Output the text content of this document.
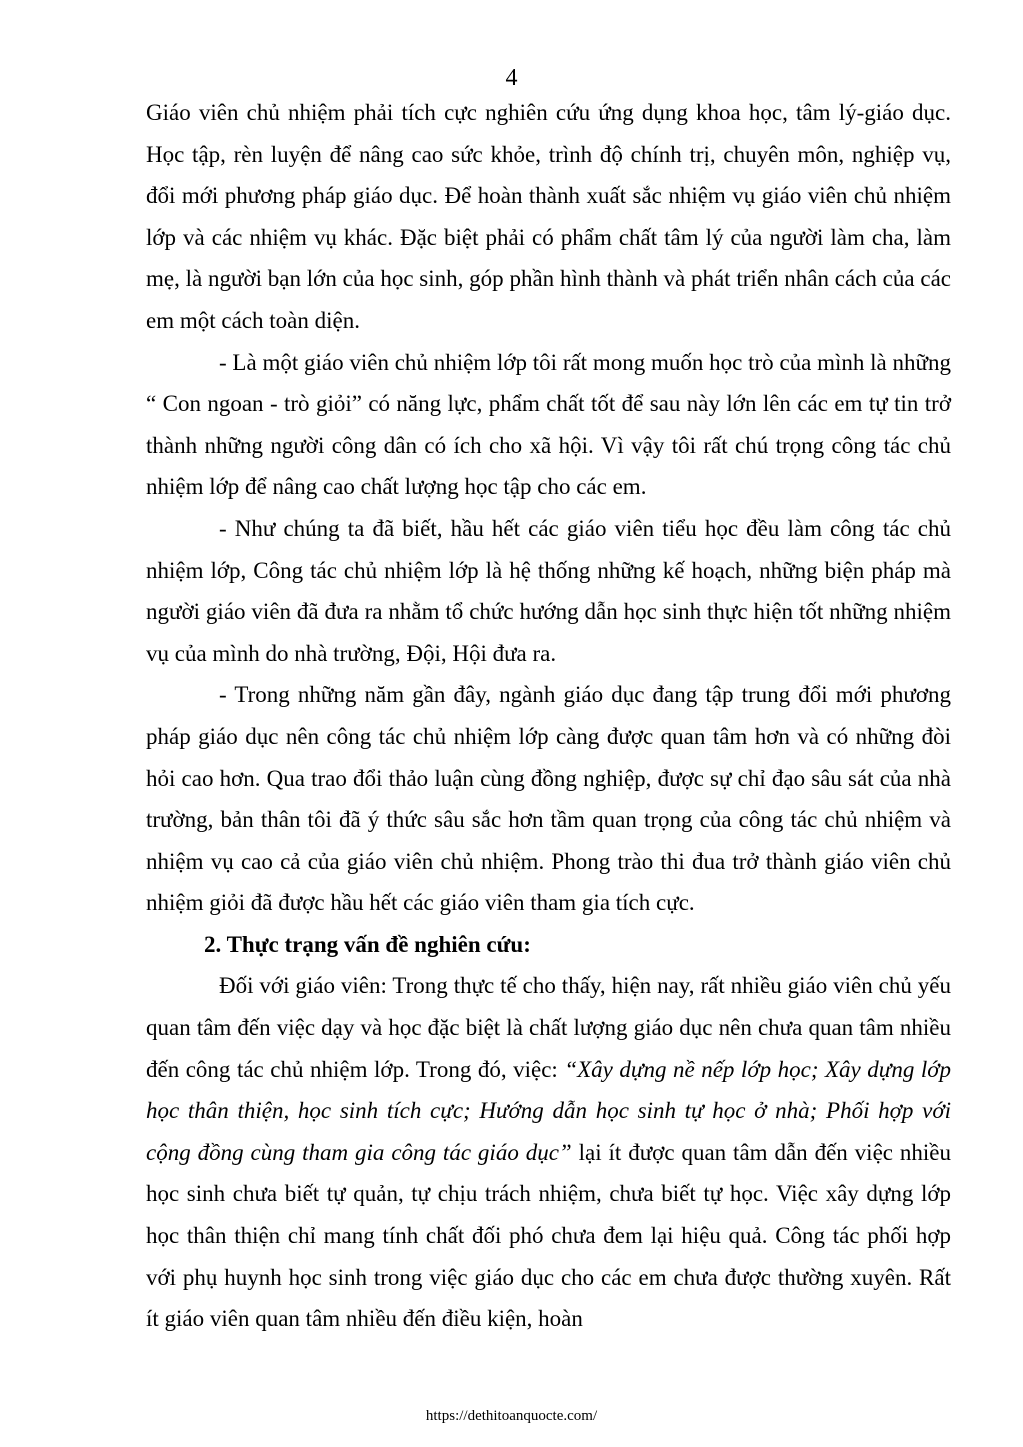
4

Giáo viên chủ nhiệm phải tích cực nghiên cứu ứng dụng khoa học, tâm lý-giáo dục. Học tập, rèn luyện để nâng cao sức khỏe, trình độ chính trị, chuyên môn, nghiệp vụ, đổi mới phương pháp giáo dục. Để hoàn thành xuất sắc nhiệm vụ giáo viên chủ nhiệm lớp và các nhiệm vụ khác. Đặc biệt phải có phẩm chất tâm lý của người làm cha, làm mẹ, là người bạn lớn của học sinh, góp phần hình thành và phát triển nhân cách của các em một cách toàn diện.

- Là một giáo viên chủ nhiệm lớp tôi rất mong muốn học trò của mình là những “ Con ngoan - trò giỏi” có năng lực, phẩm chất tốt để sau này lớn lên các em tự tin trở thành những người công dân có ích cho xã hội. Vì vậy tôi rất chú trọng công tác chủ nhiệm lớp để nâng cao chất lượng học tập cho các em.

- Như chúng ta đã biết, hầu hết các giáo viên tiểu học đều làm công tác chủ nhiệm lớp, Công tác chủ nhiệm lớp là hệ thống những kế hoạch, những biện pháp mà người giáo viên đã đưa ra nhằm tổ chức hướng dẫn học sinh thực hiện tốt những nhiệm vụ của mình do nhà trường, Đội, Hội đưa ra.

- Trong những năm gần đây, ngành giáo dục đang tập trung đổi mới phương pháp giáo dục nên công tác chủ nhiệm lớp càng được quan tâm hơn và có những đòi hỏi cao hơn. Qua trao đổi thảo luận cùng đồng nghiệp, được sự chỉ đạo sâu sát của nhà trường, bản thân tôi đã ý thức sâu sắc hơn tầm quan trọng của công tác chủ nhiệm và nhiệm vụ cao cả của giáo viên chủ nhiệm. Phong trào thi đua trở thành giáo viên chủ nhiệm giỏi đã được hầu hết các giáo viên tham gia tích cực.

2. Thực trạng vấn đề nghiên cứu:

Đối với giáo viên: Trong thực tế cho thấy, hiện nay, rất nhiều giáo viên chủ yếu quan tâm đến việc dạy và học đặc biệt là chất lượng giáo dục nên chưa quan tâm nhiều đến công tác chủ nhiệm lớp. Trong đó, việc: “Xây dựng nề nếp lớp học; Xây dựng lớp học thân thiện, học sinh tích cực; Hướng dẫn học sinh tự học ở nhà; Phối hợp với cộng đồng cùng tham gia công tác giáo dục” lại ít được quan tâm dẫn đến việc nhiều học sinh chưa biết tự quản, tự chịu trách nhiệm, chưa biết tự học. Việc xây dựng lớp học thân thiện chỉ mang tính chất đối phó chưa đem lại hiệu quả. Công tác phối hợp với phụ huynh học sinh trong việc giáo dục cho các em chưa được thường xuyên. Rất ít giáo viên quan tâm nhiều đến điều kiện, hoàn

https://dethitoanquocte.com/
